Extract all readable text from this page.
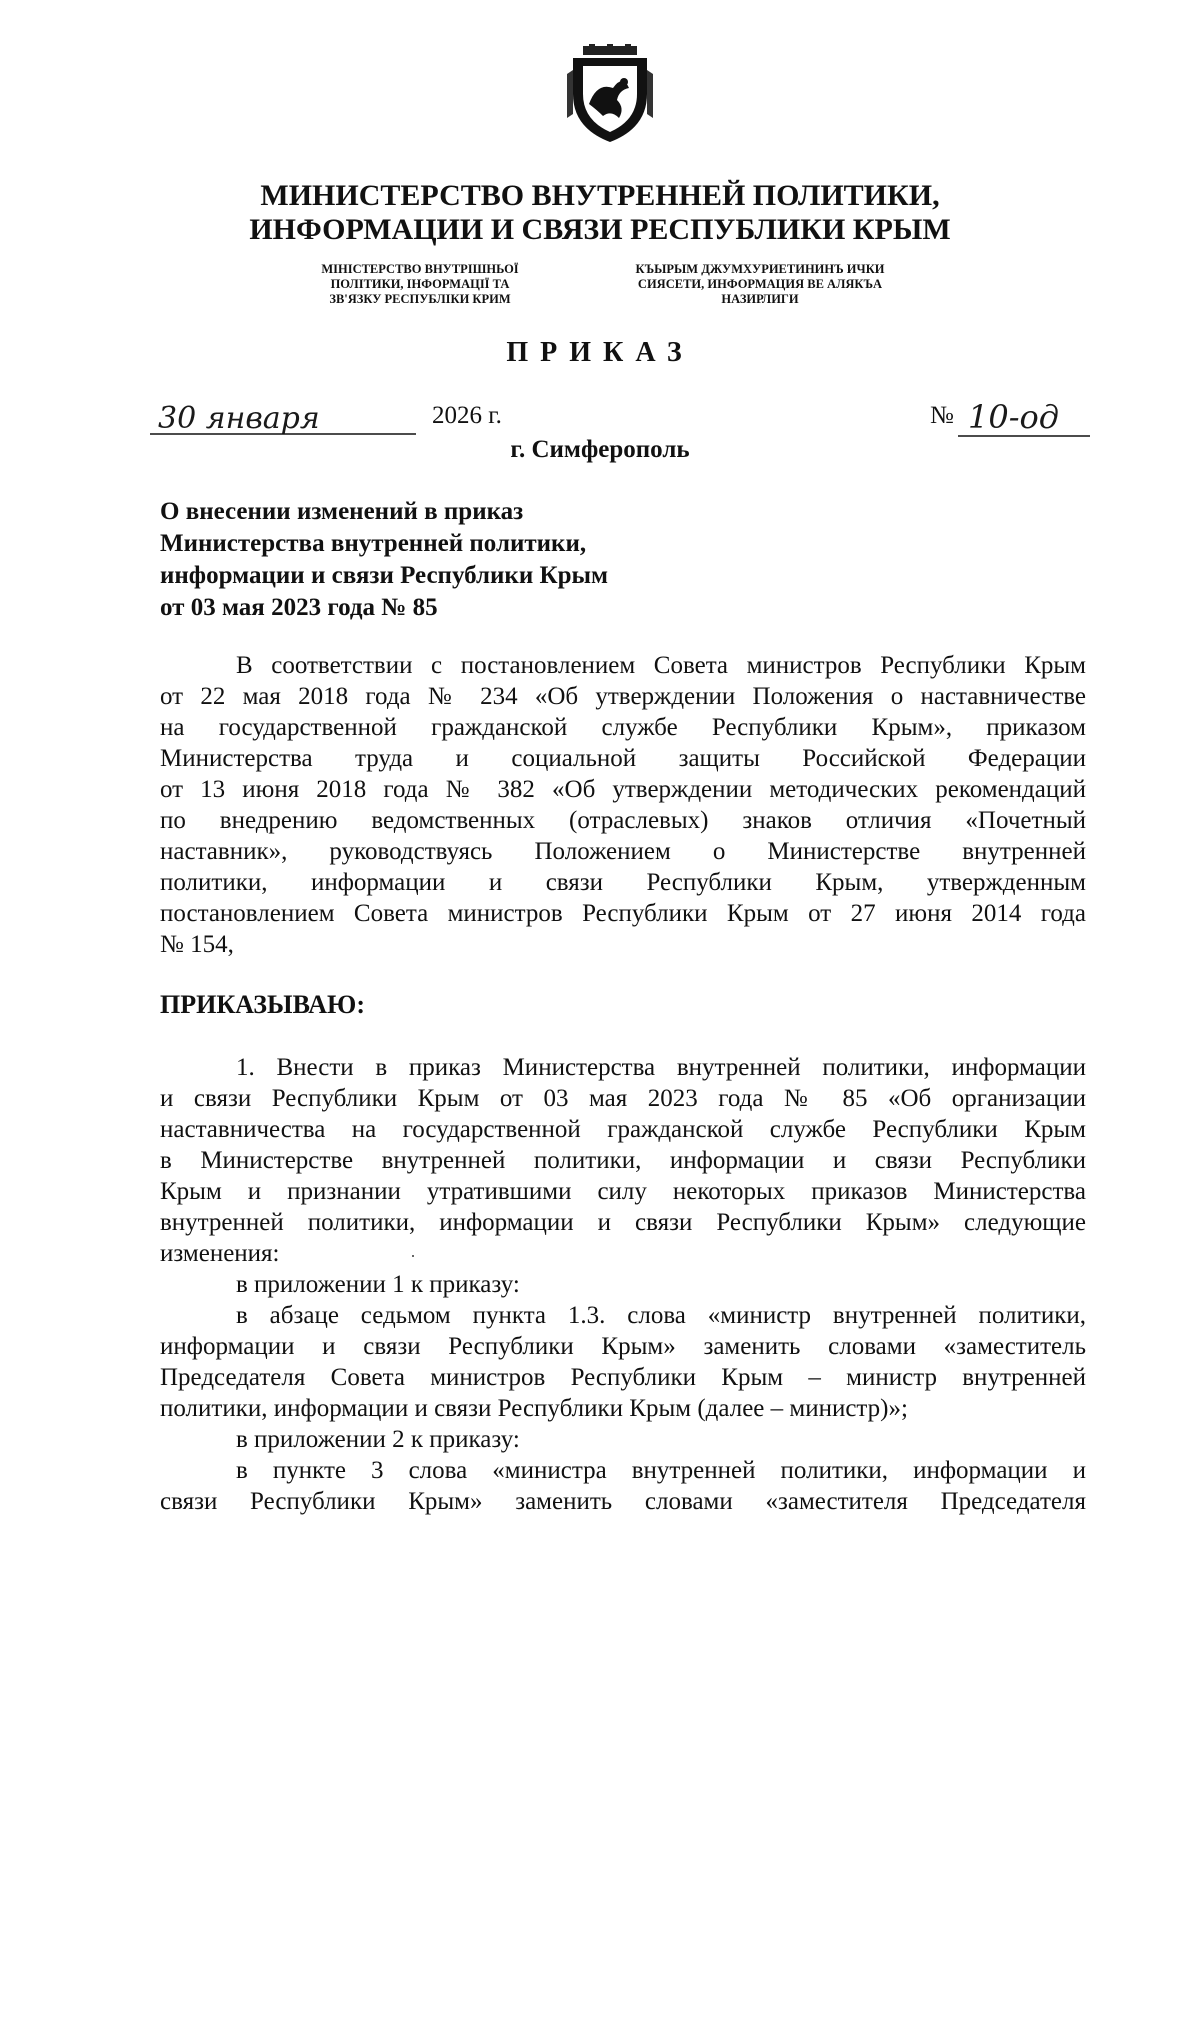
МИНИСТЕРСТВО ВНУТРЕННЕЙ ПОЛИТИКИ,
ИНФОРМАЦИИ И СВЯЗИ РЕСПУБЛИКИ КРЫМ
МІНІСТЕРСТВО ВНУТРІШНЬОЇ
ПОЛІТИКИ, ІНФОРМАЦІЇ ТА
ЗВ'ЯЗКУ РЕСПУБЛІКИ КРИМ
КЪЫРЫМ ДЖУМХУРИЕТИНИНЪ ИЧКИ
СИЯСЕТИ, ИНФОРМАЦИЯ ВЕ АЛЯКЪА
НАЗИРЛИГИ
ПРИКАЗ
30 января	2026 г.	№ 10-од
г. Симферополь
О внесении изменений в приказ
Министерства внутренней политики,
информации и связи Республики Крым
от 03 мая 2023 года № 85
В соответствии с постановлением Совета министров Республики Крым
от 22 мая 2018 года № 234 «Об утверждении Положения о наставничестве
на государственной гражданской службе Республики Крым», приказом
Министерства труда и социальной защиты Российской Федерации
от 13 июня 2018 года № 382 «Об утверждении методических рекомендаций
по внедрению ведомственных (отраслевых) знаков отличия «Почетный
наставник», руководствуясь Положением о Министерстве внутренней
политики, информации и связи Республики Крым, утвержденным
постановлением Совета министров Республики Крым от 27 июня 2014 года
№ 154,
ПРИКАЗЫВАЮ:
1. Внести в приказ Министерства внутренней политики, информации
и связи Республики Крым от 03 мая 2023 года № 85 «Об организации
наставничества на государственной гражданской службе Республики Крым
в Министерстве внутренней политики, информации и связи Республики
Крым и признании утратившими силу некоторых приказов Министерства
внутренней политики, информации и связи Республики Крым» следующие
изменения:
в приложении 1 к приказу:
в абзаце седьмом пункта 1.3. слова «министр внутренней политики,
информации и связи Республики Крым» заменить словами «заместитель
Председателя Совета министров Республики Крым – министр внутренней
политики, информации и связи Республики Крым (далее – министр)»;
в приложении 2 к приказу:
в пункте 3 слова «министра внутренней политики, информации и
связи Республики Крым» заменить словами «заместителя Председателя
